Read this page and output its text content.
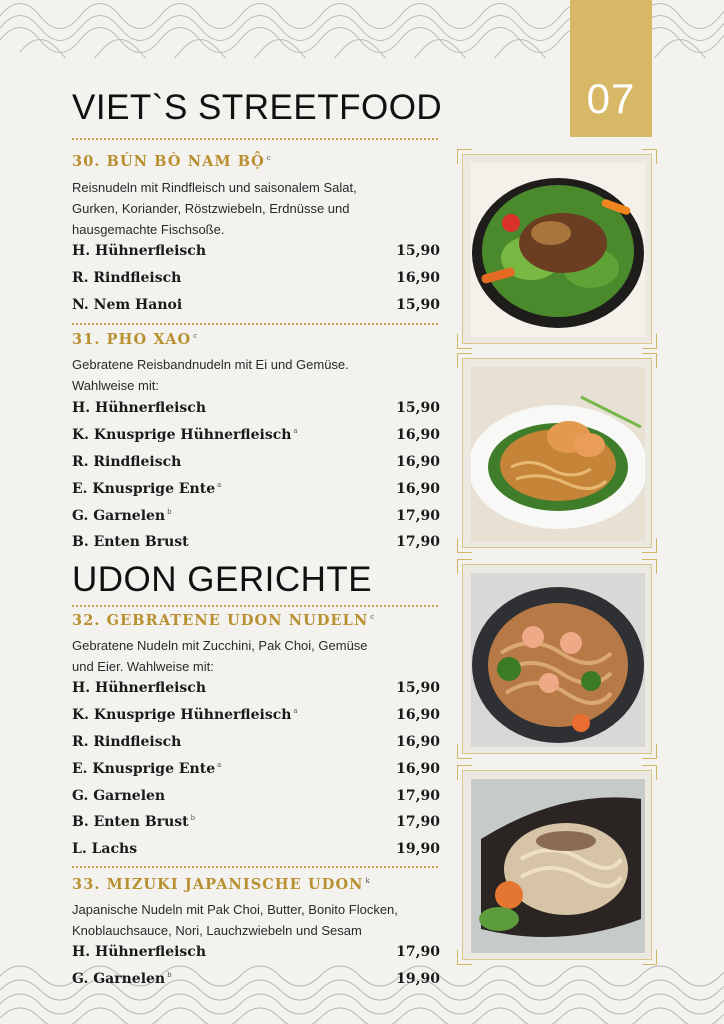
07
VIET`S STREETFOOD
30. BÚN BÒ NAM BỘ $^c$

Reisnudeln mit Rindfleisch und saisonalem Salat, Gurken, Koriander, Röstzwiebeln, Erdnüsse und hausgemachte Fischsoße.

H. Hühnerfleisch	15,90
R. Rindfleisch	16,90
N. Nem Hanoi	15,90
31. PHO XAO $^c$

Gebratene Reisbandnudeln mit Ei und Gemüse. Wahlweise mit:

H. Hühnerfleisch	15,90
K. Knusprige Hühnerfleisch $^a$	16,90
R. Rindfleisch	16,90
E. Knusprige Ente $^a$	16,90
G. Garnelen $^b$	17,90
B. Enten Brust	17,90
UDON GERICHTE
32. GEBRATENE UDON NUDELN $^c$

Gebratene Nudeln mit Zucchini, Pak Choi, Gemüse und Eier. Wahlweise mit:

H. Hühnerfleisch	15,90
K. Knusprige Hühnerfleisch $^a$	16,90
R. Rindfleisch	16,90
E. Knusprige Ente $^a$	16,90
G. Garnelen	17,90
B. Enten Brust $^b$	17,90
L. Lachs	19,90
33. MIZUKI JAPANISCHE UDON $^k$

Japanische Nudeln mit Pak Choi, Butter, Bonito Flocken, Knoblauchsauce, Nori, Lauchzwiebeln und Sesam

H. Hühnerfleisch	17,90
G. Garnelen $^b$	19,90
